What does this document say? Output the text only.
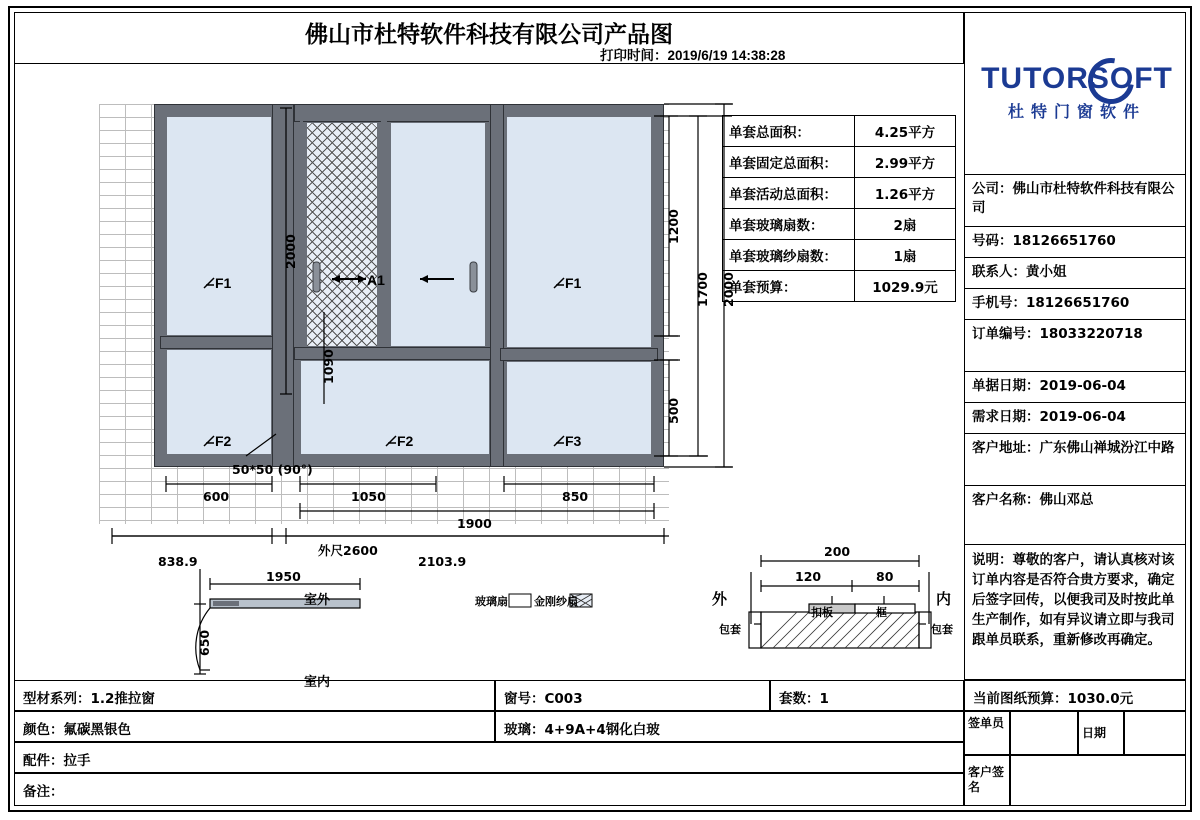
佛山市杜特软件科技有限公司产品图
打印时间：2019/6/19 14:38:28
TUTORSOFT
杜特门窗软件
公司：佛山市杜特软件科技有限公司
号码：18126651760
联系人：黄小姐
手机号：18126651760
订单编号：18033220718
单据日期：2019-06-04
需求日期：2019-06-04
客户地址：广东佛山禅城汾江中路
客户名称：佛山邓总
说明：尊敬的客户，请认真核对该订单内容是否符合贵方要求，确定后签字回传，以便我司及时按此单生产制作，如有异议请立即与我司跟单员联系，重新修改再确定。
单套总面积：	4.25平方
单套固定总面积：	2.99平方
单套活动总面积：	1.26平方
单套玻璃扇数：	2扇
单套玻璃纱扇数：	1扇
单套预算：	1029.9元
F1
F2
A1
F2
F1
F3
1200
500
1700 2000
2000
1090
600	1050	850
1900
外尺2600
2103.9
838.9
50*50 (90°)
玻璃扇 金刚纱扇
室外
室内
1950
650
外	内
200
120	80
包套	包套
扣板	框
型材系列：1.2推拉窗	窗号：C003	套数：1	当前图纸预算：1030.0元
颜色：氟碳黑银色	玻璃：4+9A+4钢化白玻	签单员
日期
配件：拉手
客户签名
备注：
